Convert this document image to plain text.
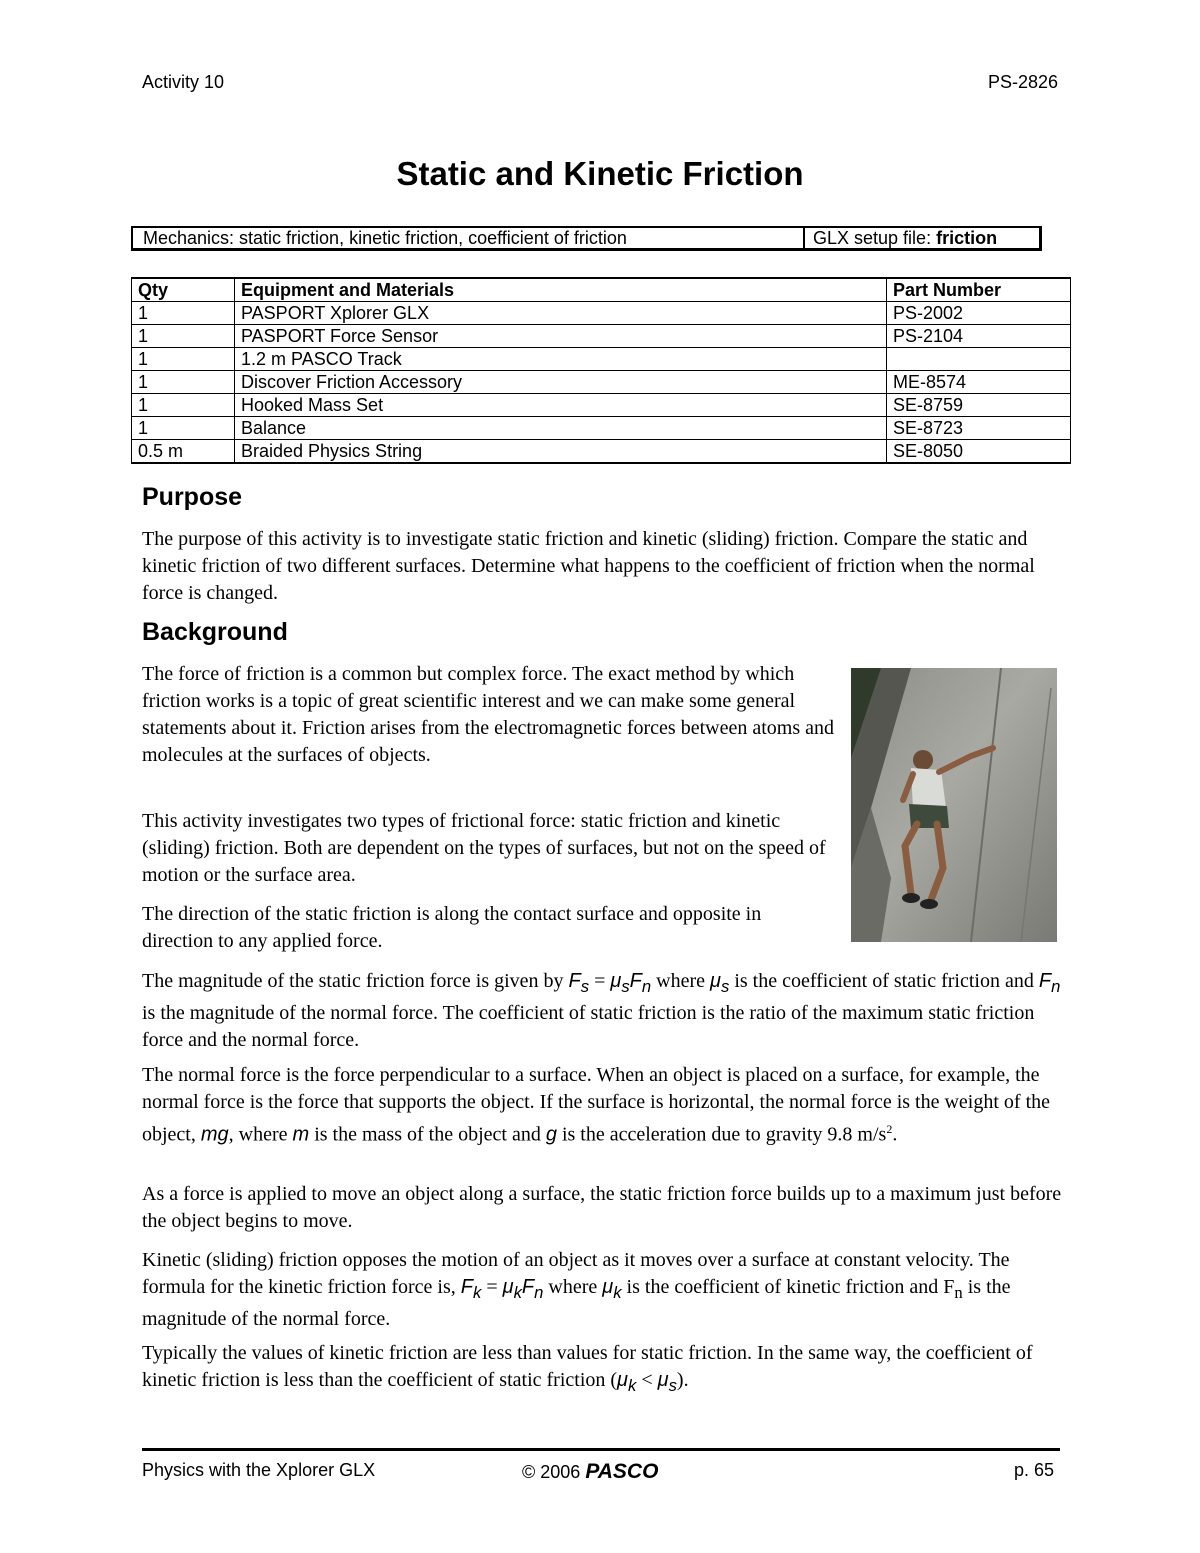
Activity 10	PS-2826
Static and Kinetic Friction
Mechanics: static friction, kinetic friction, coefficient of friction	GLX setup file: friction
Qty	Equipment and Materials	Part Number
1	PASPORT Xplorer GLX	PS-2002
1	PASPORT Force Sensor	PS-2104
1	1.2 m PASCO Track	
1	Discover Friction Accessory	ME-8574
1	Hooked Mass Set	SE-8759
1	Balance	SE-8723
0.5 m	Braided Physics String	SE-8050
Purpose

The purpose of this activity is to investigate static friction and kinetic (sliding) friction. Compare the static and kinetic friction of two different surfaces. Determine what happens to the coefficient of friction when the normal force is changed.

Background

The force of friction is a common but complex force. The exact method by which friction works is a topic of great scientific interest and we can make some general statements about it. Friction arises from the electromagnetic forces between atoms and molecules at the surfaces of objects.

This activity investigates two types of frictional force: static friction and kinetic (sliding) friction. Both are dependent on the types of surfaces, but not on the speed of motion or the surface area.

The direction of the static friction is along the contact surface and opposite in direction to any applied force.

The magnitude of the static friction force is given by $F_s = \mu_sF_n$ where $\mu_s$ is the coefficient of static friction and $F_n$ is the magnitude of the normal force. The coefficient of static friction is the ratio of the maximum static friction force and the normal force.

The normal force is the force perpendicular to a surface. When an object is placed on a surface, for example, the normal force is the force that supports the object. If the surface is horizontal, the normal force is the weight of the object, mg, where m is the mass of the object and g is the acceleration due to gravity 9.8 $m/s^2$.

As a force is applied to move an object along a surface, the static friction force builds up to a maximum just before the object begins to move.

Kinetic (sliding) friction opposes the motion of an object as it moves over a surface at constant velocity. The formula for the kinetic friction force is, $F_k = \mu_kF_n$ where $\mu_k$ is the coefficient of kinetic friction and $F_n$ is the magnitude of the normal force.

Typically the values of kinetic friction are less than values for static friction. In the same way, the coefficient of kinetic friction is less than the coefficient of static friction $(\mu_k < \mu_s)$.

Physics with the Xplorer GLX	© 2006 PASCO	p. 65
